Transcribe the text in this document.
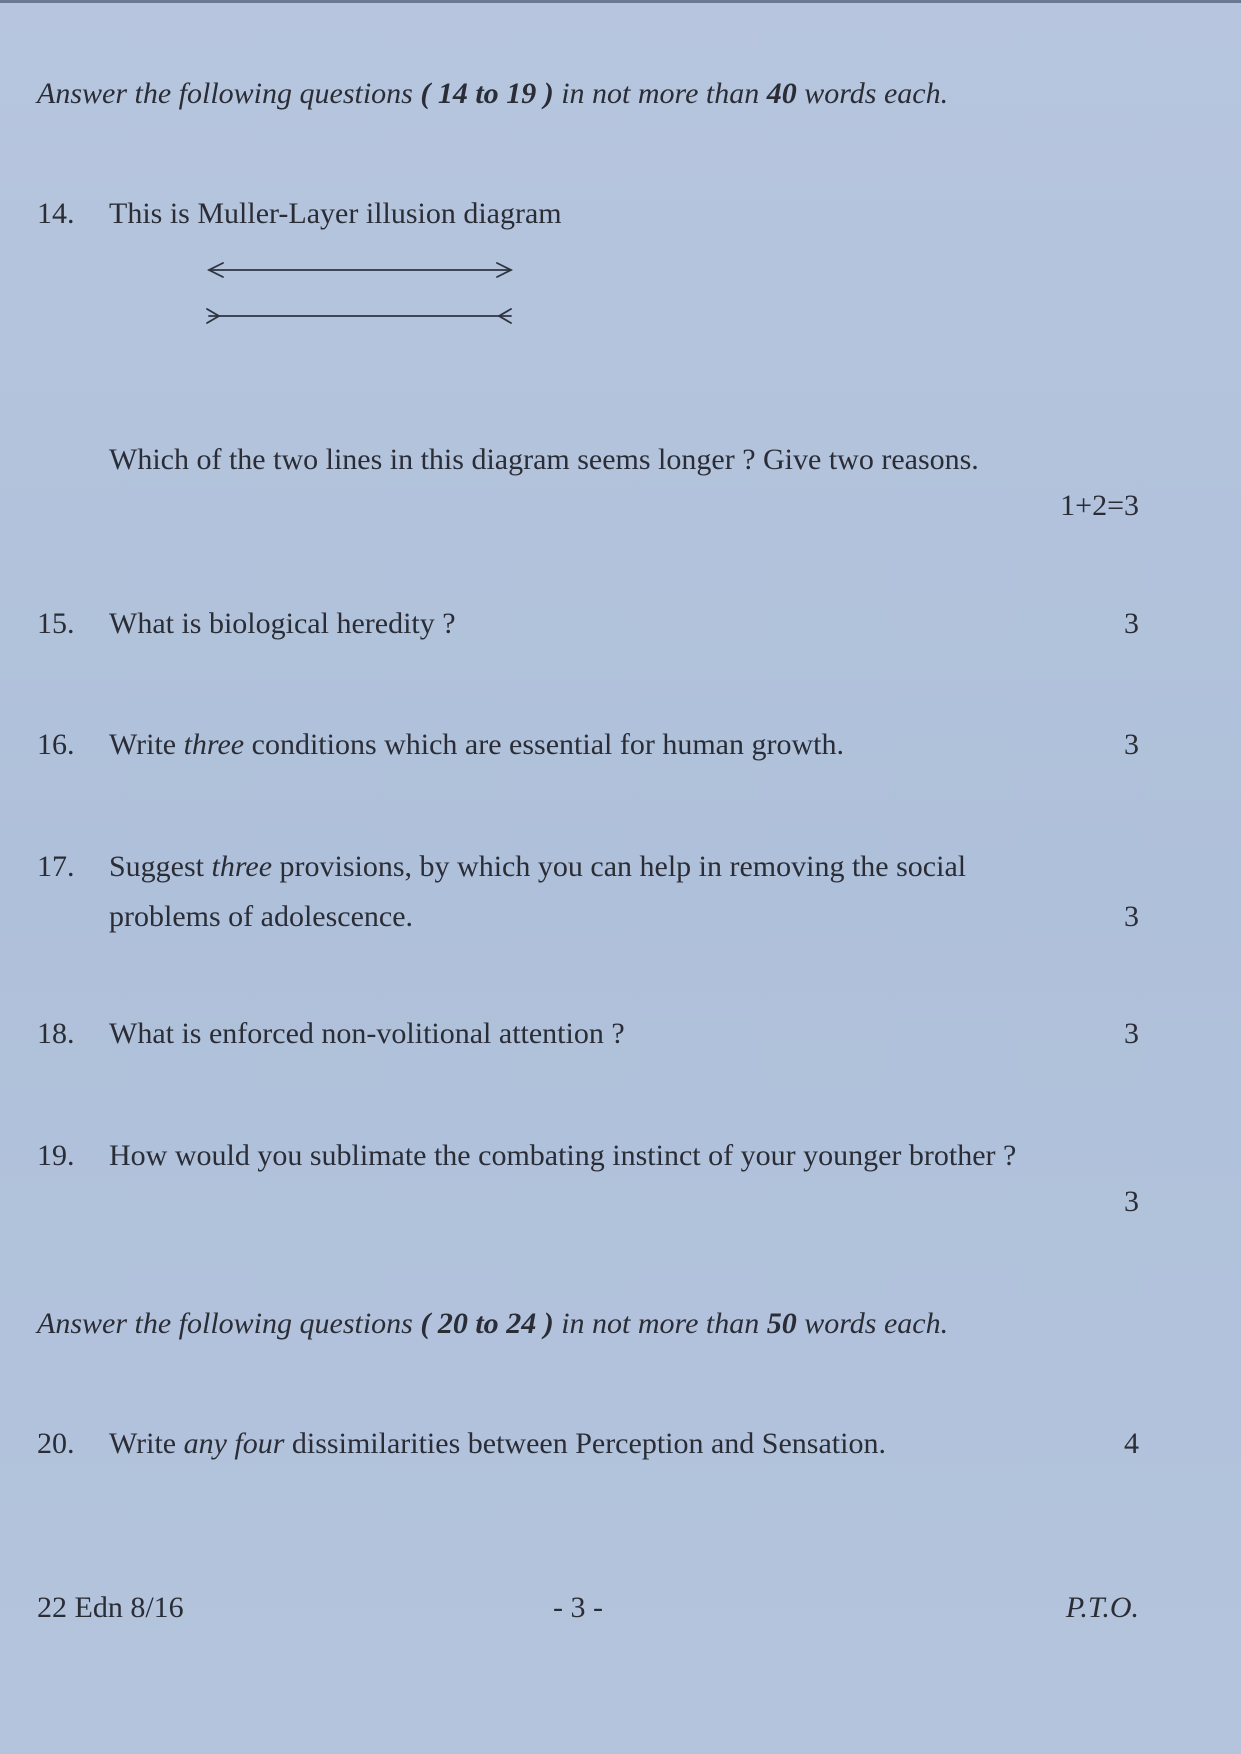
Answer the following questions ( 14 to 19 ) in not more than 40 words each.
14. This is Muller-Layer illusion diagram
Which of the two lines in this diagram seems longer ? Give two reasons.
1+2=3
15. What is biological heredity ?	3
16. Write three conditions which are essential for human growth.	3
17. Suggest three provisions, by which you can help in removing the social
problems of adolescence.	3
18. What is enforced non-volitional attention ?	3
19. How would you sublimate the combating instinct of your younger brother ?
3
Answer the following questions ( 20 to 24 ) in not more than 50 words each.
20. Write any four dissimilarities between Perception and Sensation.	4
22 Edn 8/16	- 3 -	P.T.O.
